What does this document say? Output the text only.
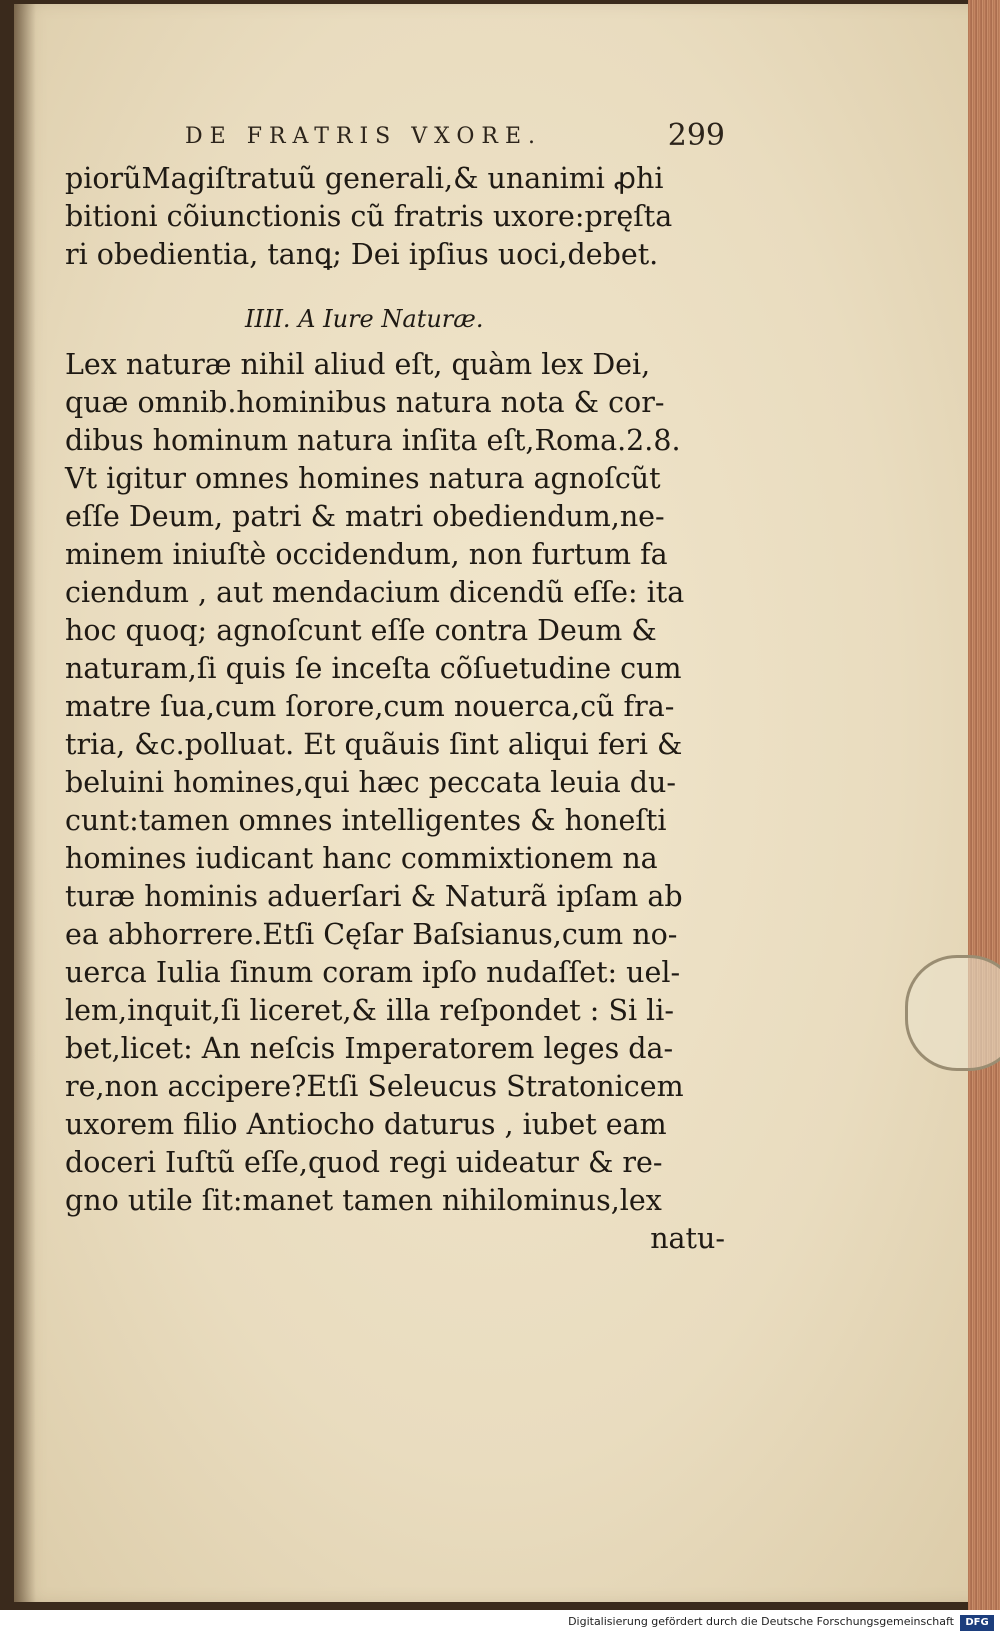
DE FRATRIS VXORE.	299
piorũMagiſtratuũ generali,& unanimi ꝓhi
bitioni cõiunctionis cũ fratris uxore:pręſta
ri obedientia, tanꝗ; Dei ipſius uoci,debet.
IIII. A Iure Naturæ.
Lex naturæ nihil aliud eſt, quàm lex Dei,
quæ omnib.hominibus natura nota & cor-
dibus hominum natura inſita eſt,Roma.2.8.
Vt igitur omnes homines natura agnoſcũt
eſſe Deum, patri & matri obediendum,ne-
minem iniuſtè occidendum, non furtum fa
ciendum , aut mendacium dicendũ eſſe: ita
hoc quoq; agnoſcunt eſſe contra Deum &
naturam,ſi quis ſe inceſta cõſuetudine cum
matre ſua,cum ſorore,cum nouerca,cũ fra-
tria, &c.polluat. Et quãuis ſint aliqui feri &
beluini homines,qui hæc peccata leuia du-
cunt:tamen omnes intelligentes & honeſti
homines iudicant hanc commixtionem na
turæ hominis aduerſari & Naturã ipſam ab
ea abhorrere.Etſi Cęſar Baſsianus,cum no-
uerca Iulia ſinum coram ipſo nudaſſet: uel-
lem,inquit,ſi liceret,& illa reſpondet : Si li-
bet,licet: An neſcis Imperatorem leges da-
re,non accipere?Etſi Seleucus Stratonicem
uxorem filio Antiocho daturus , iubet eam
doceri Iuſtũ eſſe,quod regi uideatur & re-
gno utile ſit:manet tamen nihilominus,lex
natu-
Digitalisierung gefördert durch die Deutsche Forschungsgemeinschaft	DFG
